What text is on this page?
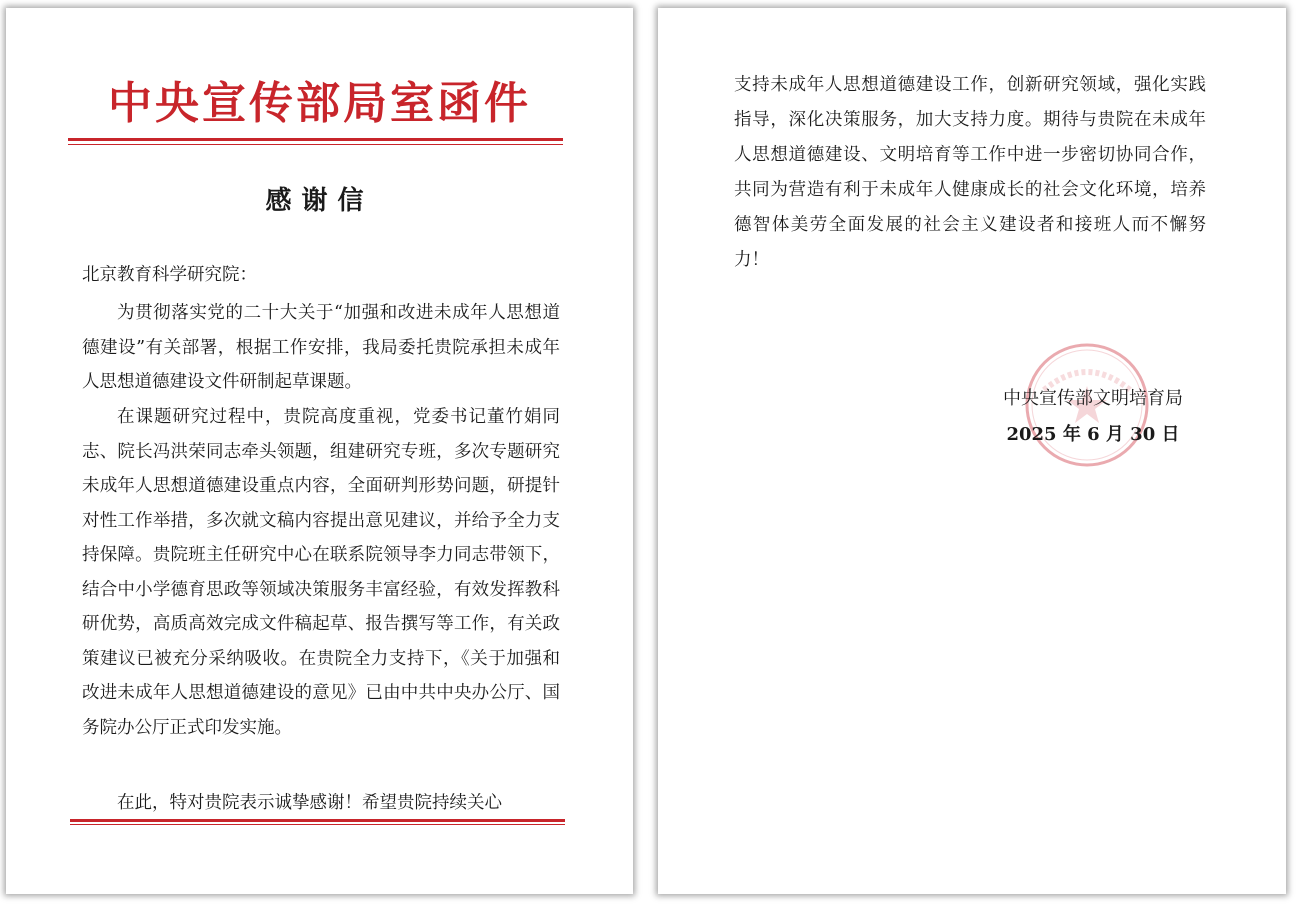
中央宣传部局室函件
感谢信
北京教育科学研究院：

为贯彻落实党的二十大关于“加强和改进未成年人思想道德建设”有关部署，根据工作安排，我局委托贵院承担未成年人思想道德建设文件研制起草课题。

在课题研究过程中，贵院高度重视，党委书记董竹娟同志、院长冯洪荣同志牵头领题，组建研究专班，多次专题研究未成年人思想道德建设重点内容，全面研判形势问题，研提针对性工作举措，多次就文稿内容提出意见建议，并给予全力支持保障。贵院班主任研究中心在联系院领导李力同志带领下，结合中小学德育思政等领域决策服务丰富经验，有效发挥教科研优势，高质高效完成文件稿起草、报告撰写等工作，有关政策建议已被充分采纳吸收。在贵院全力支持下，《关于加强和改进未成年人思想道德建设的意见》已由中共中央办公厅、国务院办公厅正式印发实施。

在此，特对贵院表示诚挚感谢！希望贵院持续关心

支持未成年人思想道德建设工作，创新研究领域，强化实践指导，深化决策服务，加大支持力度。期待与贵院在未成年人思想道德建设、文明培育等工作中进一步密切协同合作，共同为营造有利于未成年人健康成长的社会文化环境，培养德智体美劳全面发展的社会主义建设者和接班人而不懈努力！

中央宣传部文明培育局
2025 年 6 月 30 日
